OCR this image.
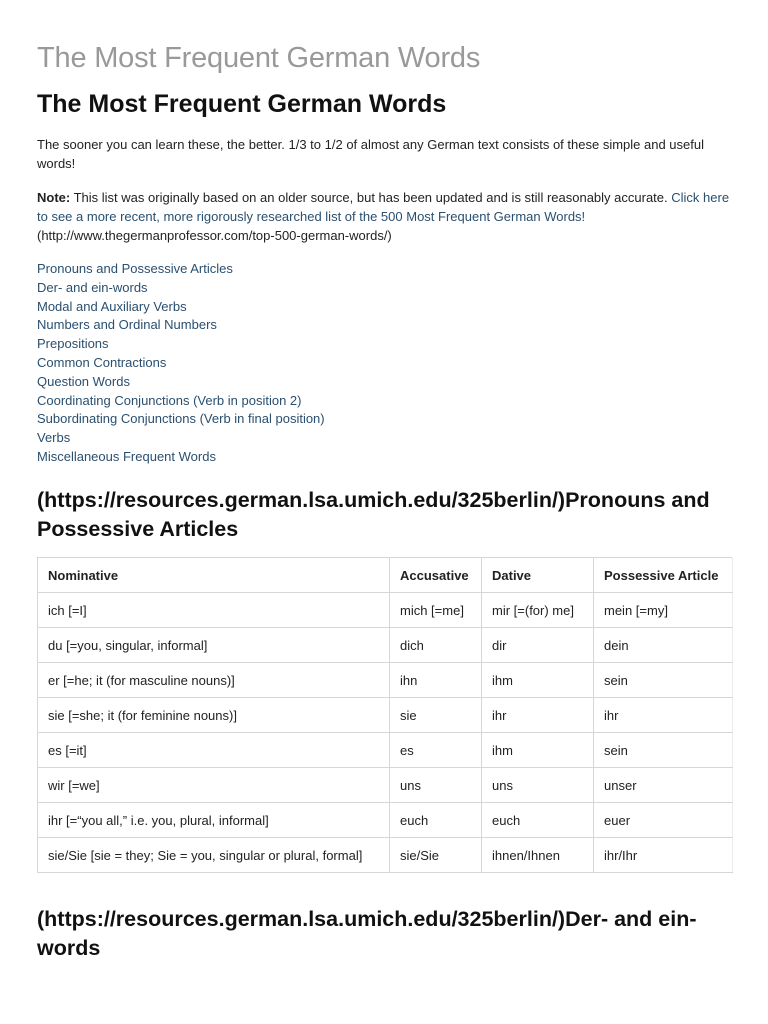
The Most Frequent German Words
The Most Frequent German Words

The sooner you can learn these, the better. 1/3 to 1/2 of almost any German text consists of these simple and useful words!

Note: This list was originally based on an older source, but has been updated and is still reasonably accurate. Click here to see a more recent, more rigorously researched list of the 500 Most Frequent German Words!
(http://www.thegermanprofessor.com/top-500-german-words/)

Pronouns and Possessive Articles
Der- and ein-words
Modal and Auxiliary Verbs
Numbers and Ordinal Numbers
Prepositions
Common Contractions
Question Words
Coordinating Conjunctions (Verb in position 2)
Subordinating Conjunctions (Verb in final position)
Verbs
Miscellaneous Frequent Words
(https://resources.german.lsa.umich.edu/325berlin/)Pronouns and Possessive Articles
Nominative	Accusative	Dative	Possessive Article
ich [=I]	mich [=me]	mir [=(for) me]	mein [=my]
du [=you, singular, informal]	dich	dir	dein
er [=he; it (for masculine nouns)]	ihn	ihm	sein
sie [=she; it (for feminine nouns)]	sie	ihr	ihr
es [=it]	es	ihm	sein
wir [=we]	uns	uns	unser
ihr [=“you all,” i.e. you, plural, informal]	euch	euch	euer
sie/Sie [sie = they; Sie = you, singular or plural, formal]	sie/Sie	ihnen/Ihnen	ihr/Ihr
(https://resources.german.lsa.umich.edu/325berlin/)Der- and ein-words
